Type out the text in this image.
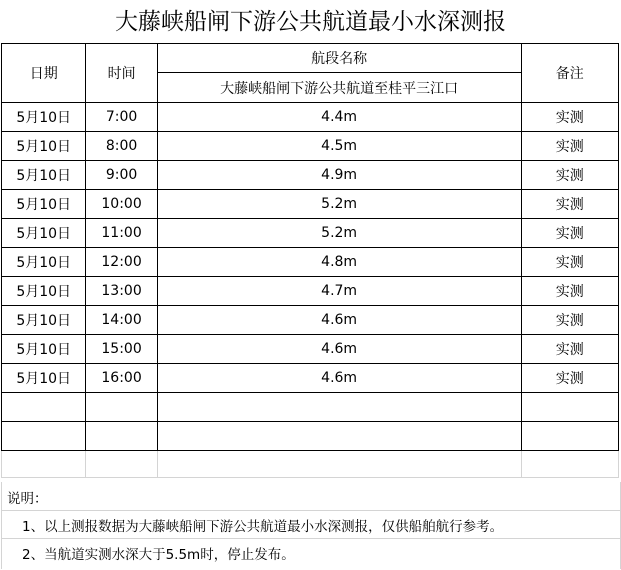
大藤峡船闸下游公共航道最小水深测报
日期	时间	航段名称	备注
		大藤峡船闸下游公共航道至桂平三江口	
5月10日	7:00	4.4m	实测
5月10日	8:00	4.5m	实测
5月10日	9:00	4.9m	实测
5月10日	10:00	5.2m	实测
5月10日	11:00	5.2m	实测
5月10日	12:00	4.8m	实测
5月10日	13:00	4.7m	实测
5月10日	14:00	4.6m	实测
5月10日	15:00	4.6m	实测
5月10日	16:00	4.6m	实测

说明：
1、以上测报数据为大藤峡船闸下游公共航道最小水深测报，仅供船舶航行参考。
2、当航道实测水深大于5.5m时，停止发布。
